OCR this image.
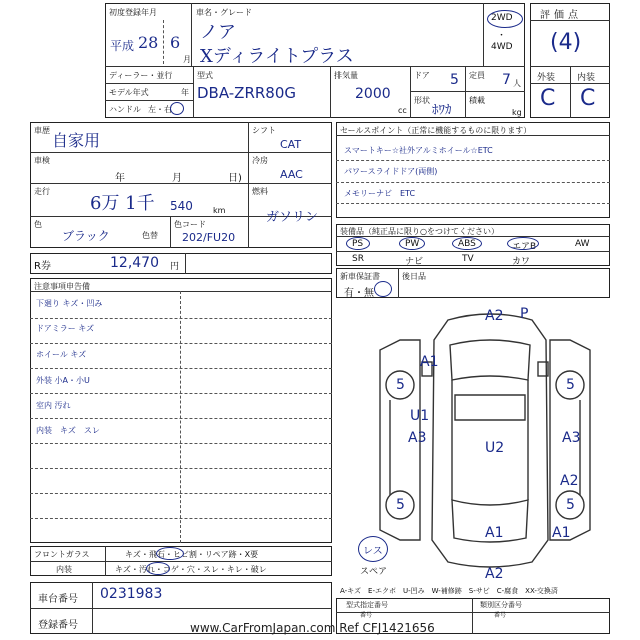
初度登録年月
平成 28 6
月
車名・グレード
ノア
Xディライトプラス
2WD
・
4WD
ディーラー・並行
モデル年式	年
ハンドル 左・右
型式
DBA-ZRR80G
排気量
2000
cc
ドア 5 定員 7 人
形状
ﾎﾜｶ
積載
kg
評価点
(4)
外装 内装
C C
車歴
自家用
車検
年	月	日)
走行
6万 1千 540	km
色
ブラック	色替
色コード
202/FU20
シフト
CAT
冷房
AAC
燃料
ガソリン
R券	12,470 円
セールスポイント（正常に機能するものに限ります）
スマートキー☆社外アルミホイール☆ETC
パワースライドドア(両側)
メモリーナビ　ETC
装備品（純正品に限り○をつけてください）
PS	PW	ABS	エアB	AW
SR	ナビ	TV	カワ
新車保証書
有・無
後日品
注意事項申告備
下廻り キズ・凹み
ドアミラー キズ
ホイール キズ
外装 小A・小U
室内 汚れ
内装　キズ　スレ
A2 P
A1
5	5
U1
A3	A3
U2
A2
5	5
A1	A1
A2
レス
スペア
A-キズ　E-エクボ　U-凹み　W-補修跡　S-サビ　C-腐食　XX-交換済
フロントガラス	キズ・飛石・ヒビ割・リペア跡・X要
内装	キズ・汚れ・コゲ・穴・スレ・キレ・破レ
車台番号 0231983
登録番号
型式指定番号
番号
類別区分番号
番号
www.CarFromJapan.com Ref CFJ1421656
